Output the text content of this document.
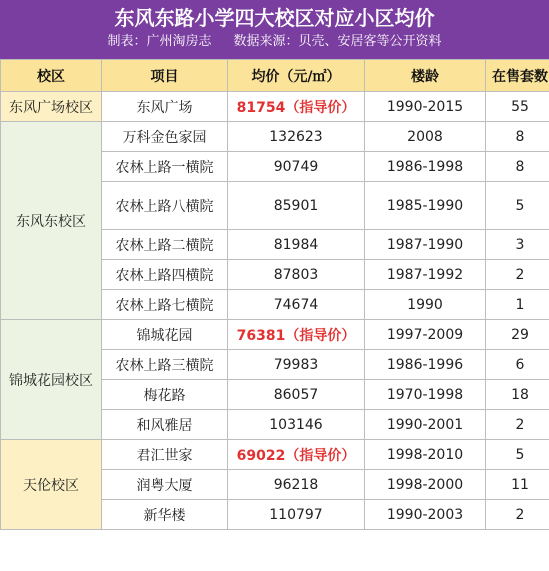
东风东路小学四大校区对应小区均价
制表：广州淘房志 数据来源：贝壳、安居客等公开资料
校区	项目	均价（元/㎡）	楼龄	在售套数
东风广场校区	东风广场	81754（指导价）	1990-2015	55
东风东校区	万科金色家园	132623	2008	8
	农林上路一横院	90749	1986-1998	8
	农林上路八横院	85901	1985-1990	5
	农林上路二横院	81984	1987-1990	3
	农林上路四横院	87803	1987-1992	2
	农林上路七横院	74674	1990	1
锦城花园校区	锦城花园	76381（指导价）	1997-2009	29
	农林上路三横院	79983	1986-1996	6
	梅花路	86057	1970-1998	18
	和风雅居	103146	1990-2001	2
天伦校区	君汇世家	69022（指导价）	1998-2010	5
	润粤大厦	96218	1998-2000	11
	新华楼	110797	1990-2003	2
